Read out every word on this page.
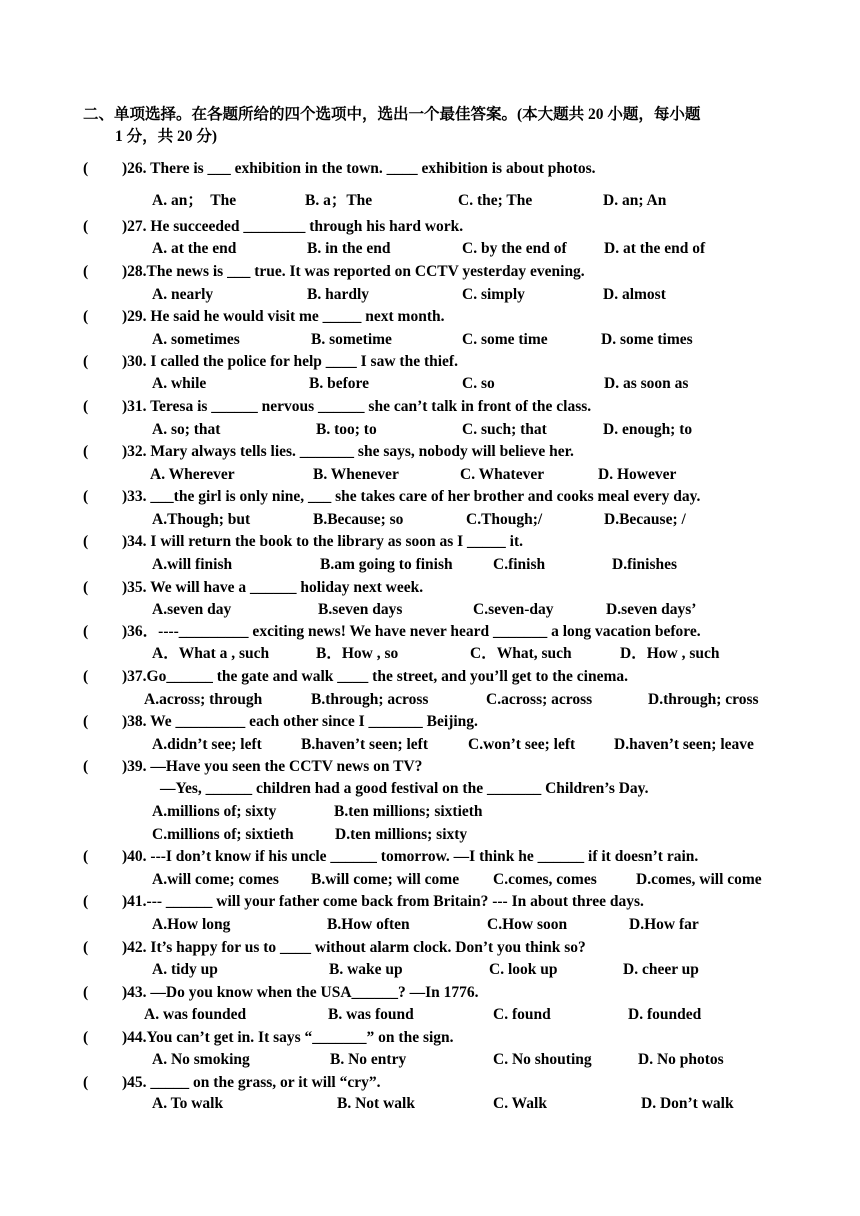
二、单项选择。在各题所给的四个选项中，选出一个最佳答案。(本大题共 20 小题，每小题
1 分，共 20 分)
( )26. There is ___ exhibition in the town. ____ exhibition is about photos.
A. an；  The	B. a；The	C. the; The	D. an; An
( )27. He succeeded ________ through his hard work.
A. at the end	B. in the end	C. by the end of D. at the end of
( )28.The news is ___ true. It was reported on CCTV yesterday evening.
A. nearly	B. hardly	C. simply	D. almost
( )29. He said he would visit me _____ next month.
A. sometimes	B. sometime	C. some time	D. some times
( )30. I called the police for help ____ I saw the thief.
A. while	B. before	C. so	D. as soon as
( )31. Teresa is ______ nervous ______ she can’t talk in front of the class.
A. so; that	B. too; to	C. such; that	D. enough; to
( )32. Mary always tells lies. _______ she says, nobody will believe her.
A. Wherever	B. Whenever	C. Whatever	D. However
( )33. ___the girl is only nine, ___ she takes care of her brother and cooks meal every day.
A.Though; but	B.Because; so	C.Though;/	D.Because; /
( )34. I will return the book to the library as soon as I _____ it.
A.will finish	B.am going to finish	C.finish	D.finishes
( )35. We will have a ______ holiday next week.
A.seven day	B.seven days	C.seven-day	D.seven days’
( )36．----_________ exciting news! We have never heard _______ a long vacation before.
A．What a , such	B．How , so	C．What, such	D．How , such
( )37.Go______ the gate and walk ____ the street, and you’ll get to the cinema.
A.across; through	B.through; across	C.across; across	D.through; cross
( )38. We _________ each other since I _______ Beijing.
A.didn’t see; left	B.haven’t seen; left	C.won’t see; left	D.haven’t seen; leave
( )39. —Have you seen the CCTV news on TV?
—Yes, ______ children had a good festival on the _______ Children’s Day.
A.millions of; sixty	B.ten millions; sixtieth
C.millions of; sixtieth	D.ten millions; sixty
( )40. ---I don’t know if his uncle ______ tomorrow. —I think he ______ if it doesn’t rain.
A.will come; comes B.will come; will come C.comes, comes	D.comes, will come
( )41.--- ______ will your father come back from Britain? --- In about three days.
A.How long	B.How often	C.How soon	D.How far
( )42. It’s happy for us to ____ without alarm clock. Don’t you think so?
A. tidy up	B. wake up	C. look up	D. cheer up
( )43. —Do you know when the USA______? —In 1776.
A. was founded	B. was found	C. found	D. founded
( )44.You can’t get in. It says “_______” on the sign.
A. No smoking	B. No entry	C. No shouting	D. No photos
( )45. _____ on the grass, or it will “cry”.
A. To walk	B. Not walk	C. Walk	D. Don’t walk
